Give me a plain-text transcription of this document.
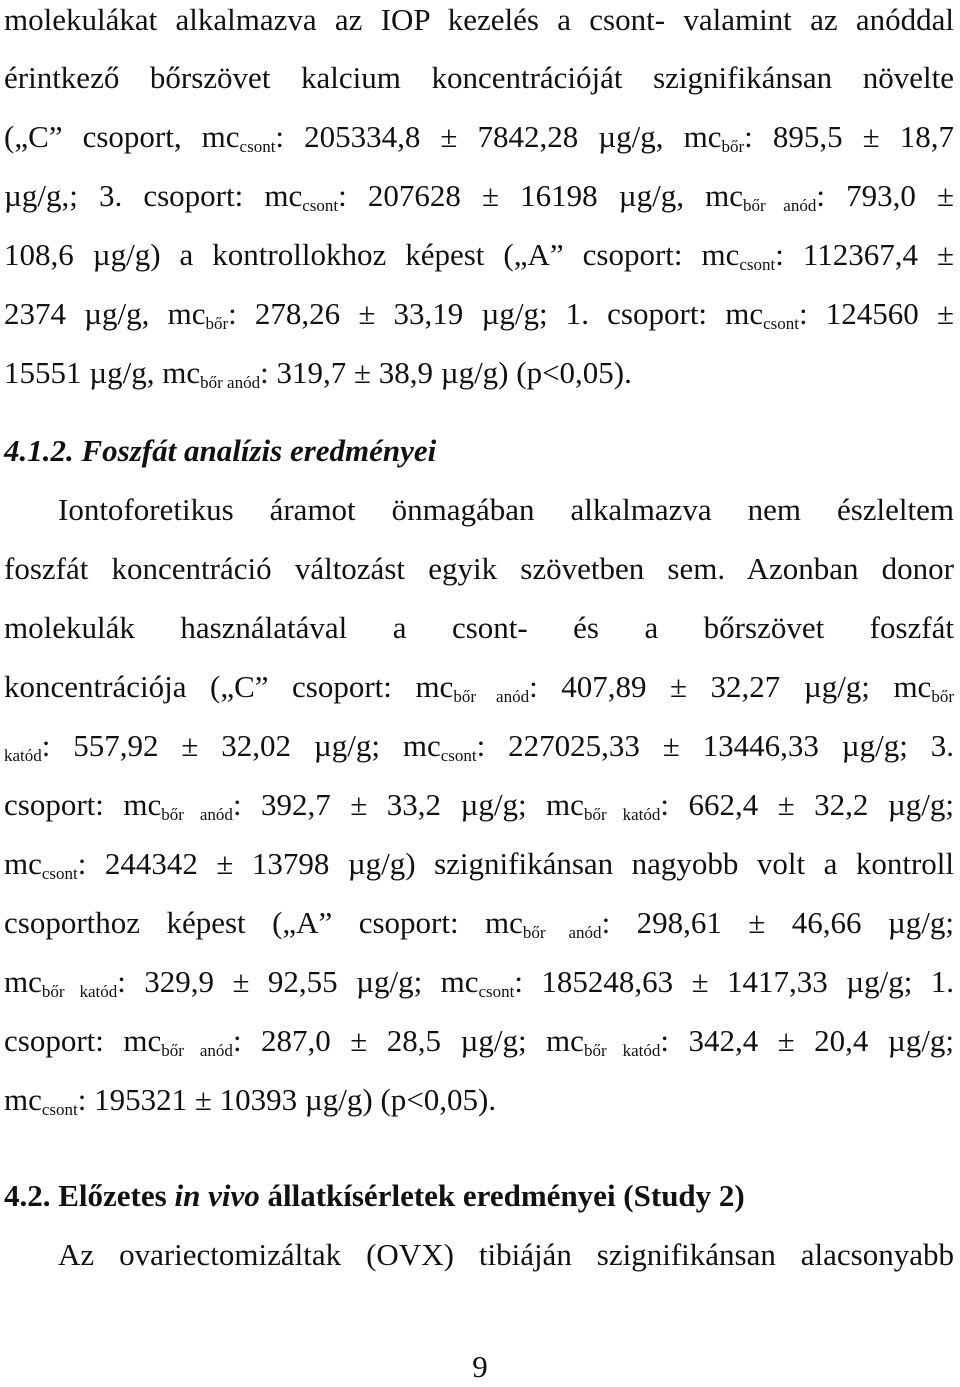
molekulákat alkalmazva az IOP kezelés a csont- valamint az anóddal
érintkező bőrszövet kalcium koncentrációját szignifikánsan növelte
(„C” csoport, $mc_{csont}$: 205334,8 ± 7842,28 µg/g, $mc_{bőr}$: 895,5 ± 18,7
µg/g,; 3. csoport: $mc_{csont}$: 207628 ± 16198 µg/g, $mc_{bőr anód}$: 793,0 ±
108,6 µg/g) a kontrollokhoz képest („A” csoport: $mc_{csont}$: 112367,4 ±
2374 µg/g, $mc_{bőr}$: 278,26 ± 33,19 µg/g; 1. csoport: $mc_{csont}$: 124560 ±
15551 µg/g, $mc_{bőr anód}$: 319,7 ± 38,9 µg/g) (p<0,05).
4.1.2. Foszfát analízis eredményei
Iontoforetikus áramot önmagában alkalmazva nem észleltem
foszfát koncentráció változást egyik szövetben sem. Azonban donor
molekulák használatával a csont- és a bőrszövet foszfát
koncentrációja („C” csoport: $mc_{bőr anód}$: 407,89 ± 32,27 µg/g; $mc_{bőr}$
$_{katód}$: 557,92 ± 32,02 µg/g; $mc_{csont}$: 227025,33 ± 13446,33 µg/g; 3.
csoport: $mc_{bőr anód}$: 392,7 ± 33,2 µg/g; $mc_{bőr katód}$: 662,4 ± 32,2 µg/g;
$mc_{csont}$: 244342 ± 13798 µg/g) szignifikánsan nagyobb volt a kontroll
csoporthoz képest („A” csoport: $mc_{bőr anód}$: 298,61 ± 46,66 µg/g;
$mc_{bőr katód}$: 329,9 ± 92,55 µg/g; $mc_{csont}$: 185248,63 ± 1417,33 µg/g; 1.
csoport: $mc_{bőr anód}$: 287,0 ± 28,5 µg/g; $mc_{bőr katód}$: 342,4 ± 20,4 µg/g;
$mc_{csont}$: 195321 ± 10393 µg/g) (p<0,05).
4.2. Előzetes in vivo állatkísérletek eredményei (Study 2)
Az ovariectomizáltak (OVX) tibiáján szignifikánsan alacsonyabb
9
